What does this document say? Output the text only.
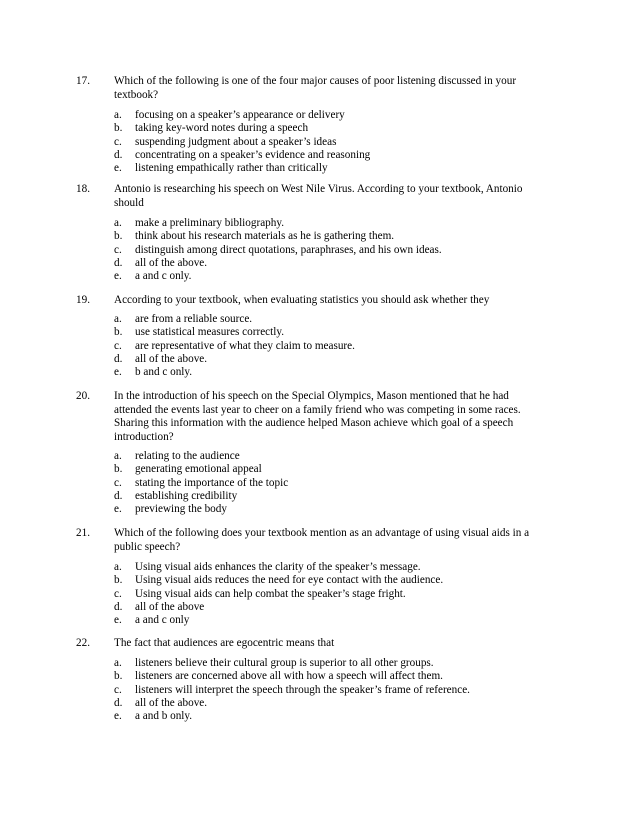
17.	Which of the following is one of the four major causes of poor listening discussed in your textbook?
a.	focusing on a speaker’s appearance or delivery
b.	taking key-word notes during a speech
c.	suspending judgment about a speaker’s ideas
d.	concentrating on a speaker’s evidence and reasoning
e.	listening empathically rather than critically
18.	Antonio is researching his speech on West Nile Virus. According to your textbook, Antonio should
a.	make a preliminary bibliography.
b.	think about his research materials as he is gathering them.
c.	distinguish among direct quotations, paraphrases, and his own ideas.
d.	all of the above.
e.	a and c only.
19.	According to your textbook, when evaluating statistics you should ask whether they
a.	are from a reliable source.
b.	use statistical measures correctly.
c.	are representative of what they claim to measure.
d.	all of the above.
e.	b and c only.
20.	In the introduction of his speech on the Special Olympics, Mason mentioned that he had attended the events last year to cheer on a family friend who was competing in some races. Sharing this information with the audience helped Mason achieve which goal of a speech introduction?
a.	relating to the audience
b.	generating emotional appeal
c.	stating the importance of the topic
d.	establishing credibility
e.	previewing the body
21.	Which of the following does your textbook mention as an advantage of using visual aids in a public speech?
a.	Using visual aids enhances the clarity of the speaker’s message.
b.	Using visual aids reduces the need for eye contact with the audience.
c.	Using visual aids can help combat the speaker’s stage fright.
d.	all of the above
e.	a and c only
22.	The fact that audiences are egocentric means that
a.	listeners believe their cultural group is superior to all other groups.
b.	listeners are concerned above all with how a speech will affect them.
c.	listeners will interpret the speech through the speaker’s frame of reference.
d.	all of the above.
e.	a and b only.
